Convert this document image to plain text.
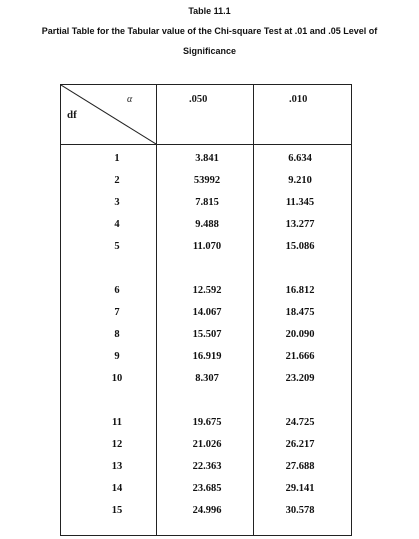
Table 11.1
Partial Table for the Tabular value of the Chi-square Test at .01 and .05 Level of
Significance
df
α	.050	.010
1	3.841	6.634
2	53992	9.210
3	7.815	11.345
4	9.488	13.277
5	11.070	15.086
6	12.592	16.812
7	14.067	18.475
8	15.507	20.090
9	16.919	21.666
10	8.307	23.209
11	19.675	24.725
12	21.026	26.217
13	22.363	27.688
14	23.685	29.141
15	24.996	30.578
